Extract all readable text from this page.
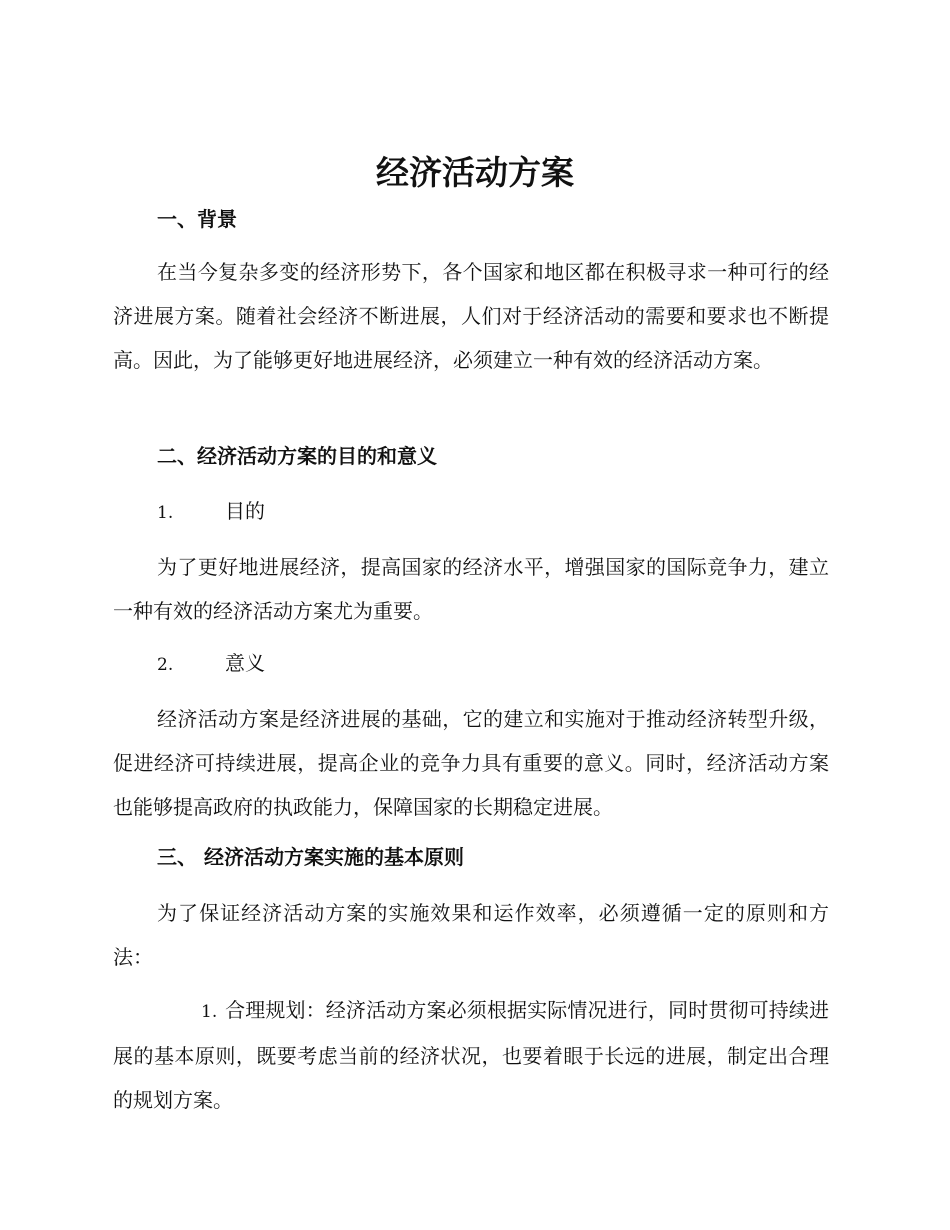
经济活动方案
一、背景

在当今复杂多变的经济形势下，各个国家和地区都在积极寻求一种可行的经济进展方案。随着社会经济不断进展，人们对于经济活动的需要和要求也不断提高。因此，为了能够更好地进展经济，必须建立一种有效的经济活动方案。

二、经济活动方案的目的和意义
1.	目的

为了更好地进展经济，提高国家的经济水平，增强国家的国际竞争力，建立一种有效的经济活动方案尤为重要。

2.	意义

经济活动方案是经济进展的基础，它的建立和实施对于推动经济转型升级，促进经济可持续进展，提高企业的竞争力具有重要的意义。同时，经济活动方案也能够提高政府的执政能力，保障国家的长期稳定进展。

三、 经济活动方案实施的基本原则

为了保证经济活动方案的实施效果和运作效率，必须遵循一定的原则和方法：

1. 合理规划：经济活动方案必须根据实际情况进行，同时贯彻可持续进展的基本原则，既要考虑当前的经济状况，也要着眼于长远的进展，制定出合理的规划方案。
